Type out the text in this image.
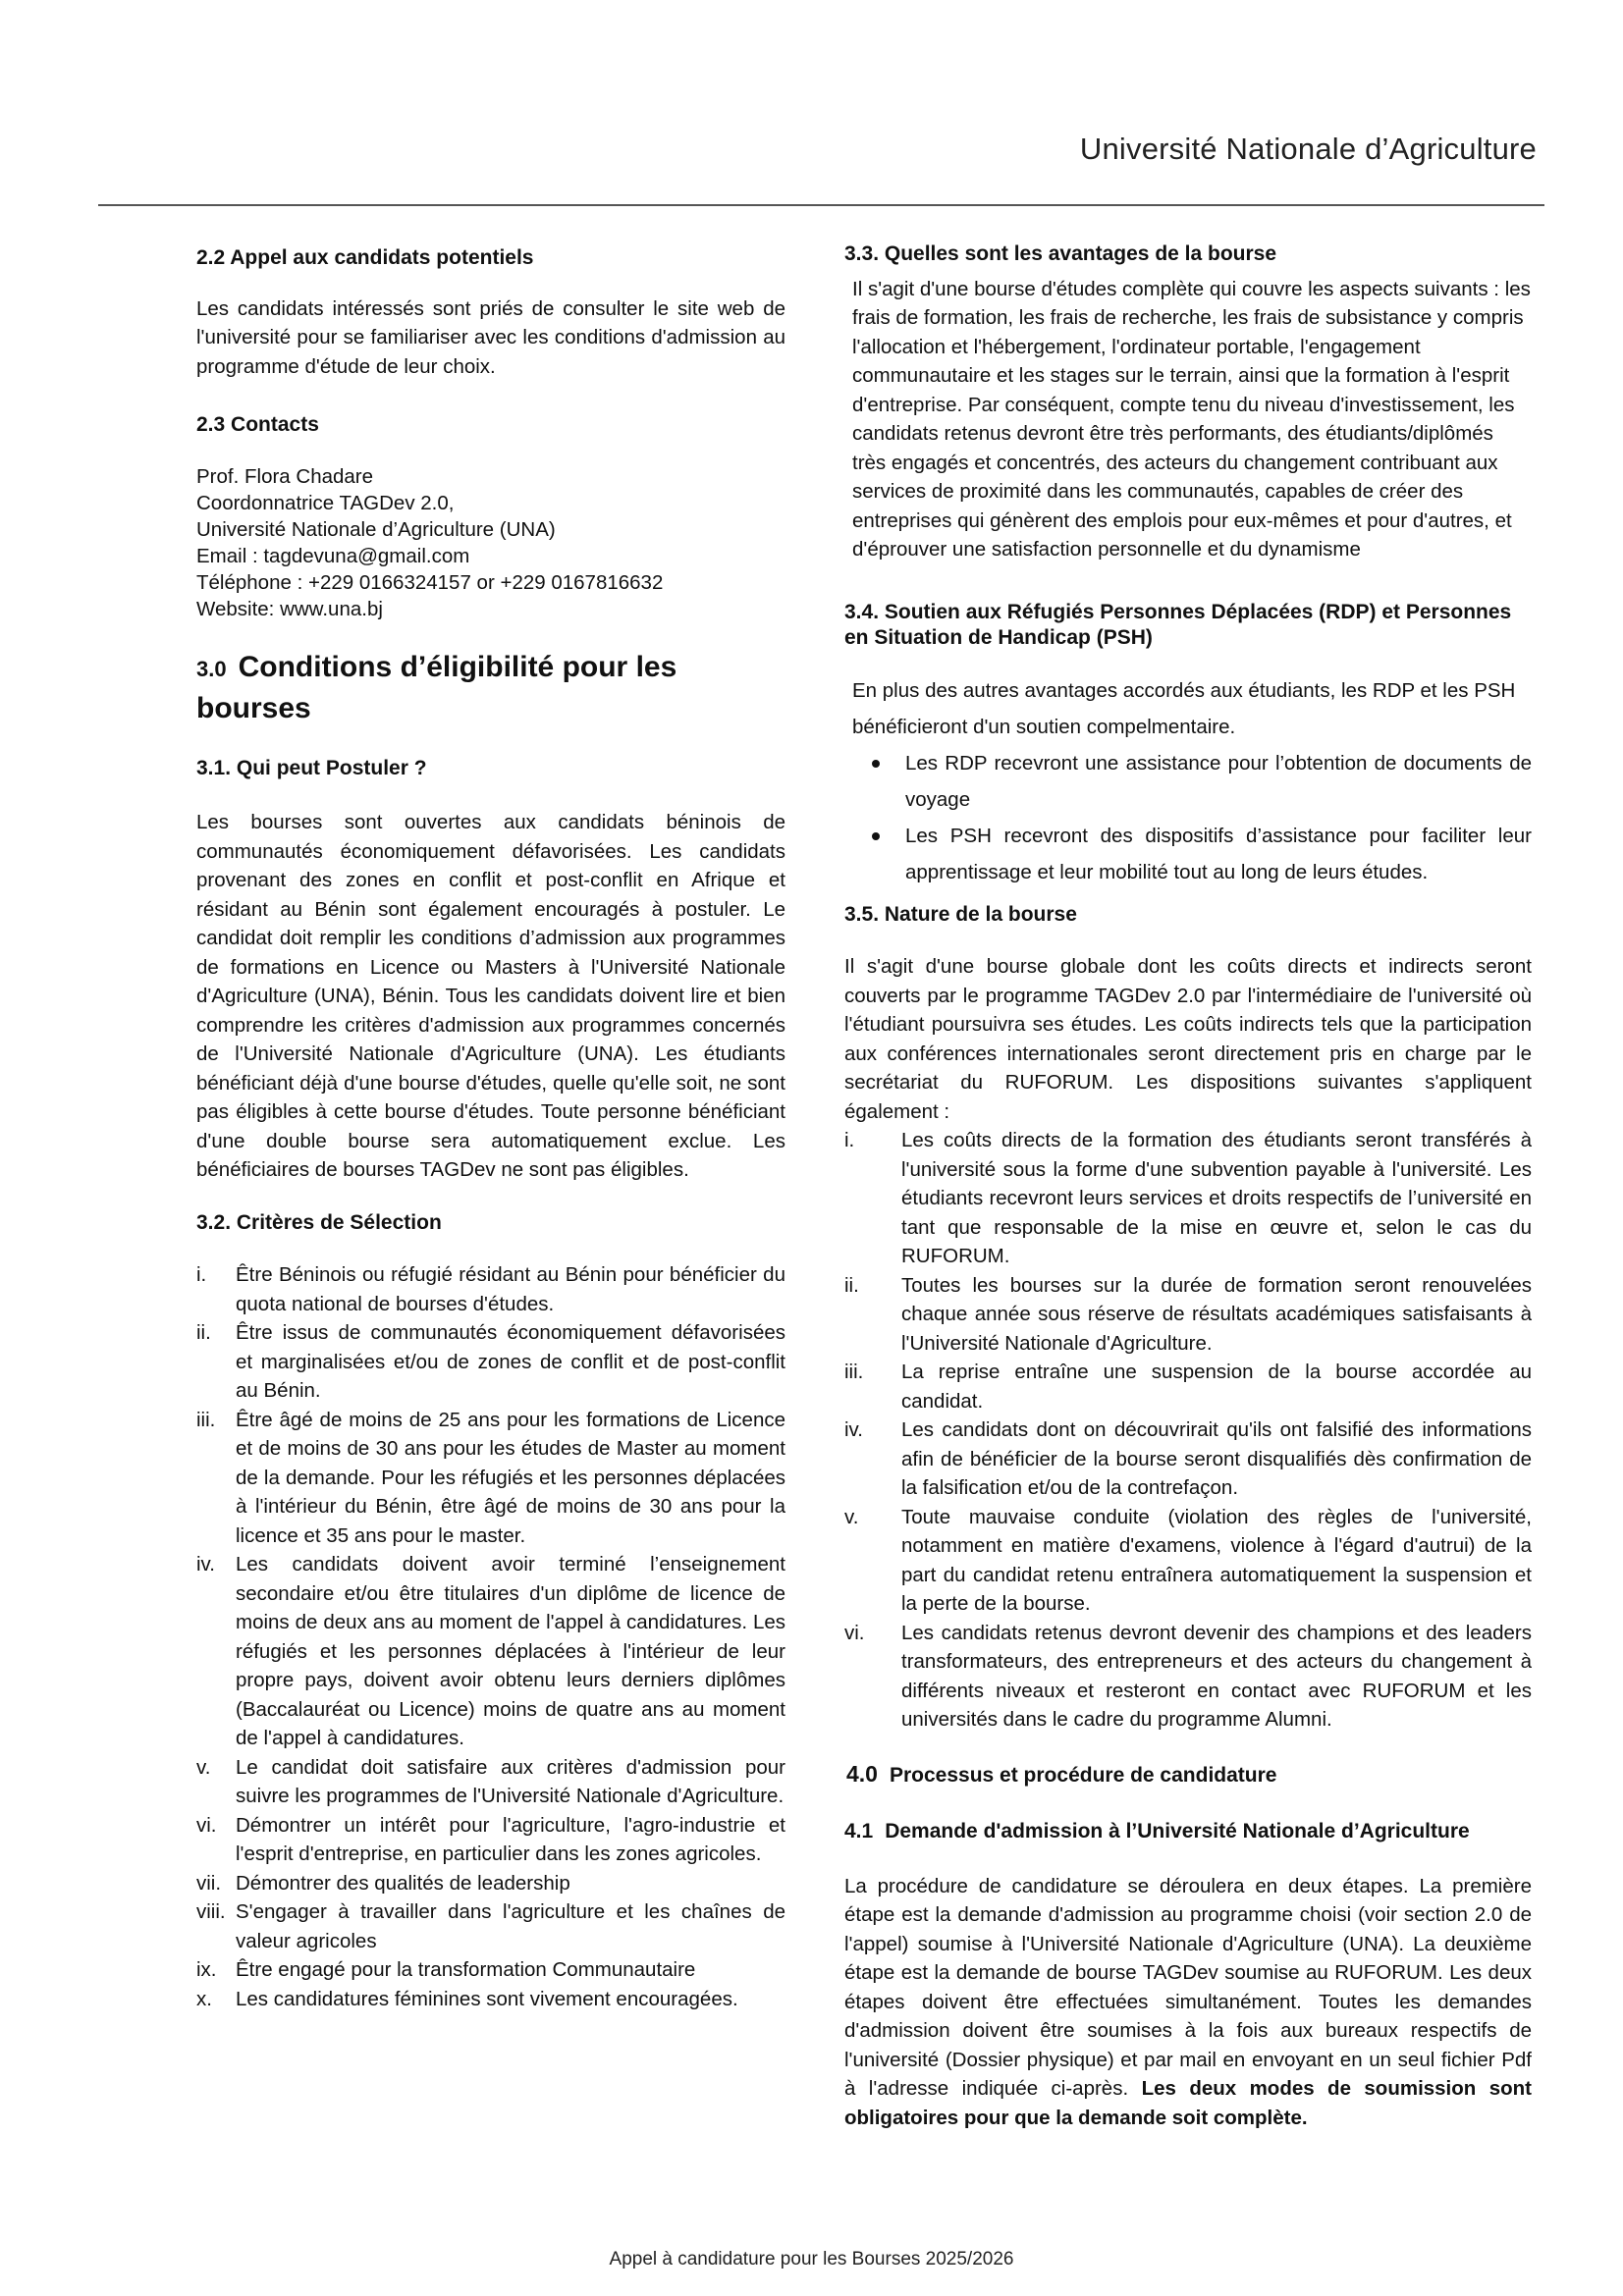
Université Nationale d’Agriculture

2.2 Appel aux candidats potentiels

Les candidats intéressés sont priés de consulter le site web de l'université pour se familiariser avec les conditions d'admission au programme d'étude de leur choix.

2.3 Contacts

Prof. Flora Chadare

Coordonnatrice TAGDev 2.0,

Université Nationale d’Agriculture (UNA)

Email : tagdevuna@gmail.com

Téléphone : +229 0166324157 or +229 0167816632

Website: www.una.bj

3.0 Conditions d’éligibilité pour les bourses

3.1. Qui peut Postuler ?

Les bourses sont ouvertes aux candidats béninois de communautés économiquement défavorisées. Les candidats provenant des zones en conflit et post-conflit en Afrique et résidant au Bénin sont également encouragés à postuler. Le candidat doit remplir les conditions d’admission aux programmes de formations en Licence ou Masters à l'Université Nationale d'Agriculture (UNA), Bénin. Tous les candidats doivent lire et bien comprendre les critères d'admission aux programmes concernés de l'Université Nationale d'Agriculture (UNA). Les étudiants bénéficiant déjà d'une bourse d'études, quelle qu'elle soit, ne sont pas éligibles à cette bourse d'études. Toute personne bénéficiant d'une double bourse sera automatiquement exclue. Les bénéficiaires de bourses TAGDev ne sont pas éligibles.

3.2. Critères de Sélection

i. Être Béninois ou réfugié résidant au Bénin pour bénéficier du quota national de bourses d'études.
ii. Être issus de communautés économiquement défavorisées et marginalisées et/ou de zones de conflit et de post-conflit au Bénin.
iii. Être âgé de moins de 25 ans pour les formations de Licence et de moins de 30 ans pour les études de Master au moment de la demande. Pour les réfugiés et les personnes déplacées à l'intérieur du Bénin, être âgé de moins de 30 ans pour la licence et 35 ans pour le master.
iv. Les candidats doivent avoir terminé l’enseignement secondaire et/ou être titulaires d'un diplôme de licence de moins de deux ans au moment de l'appel à candidatures. Les réfugiés et les personnes déplacées à l'intérieur de leur propre pays, doivent avoir obtenu leurs derniers diplômes (Baccalauréat ou Licence) moins de quatre ans au moment de l'appel à candidatures.
v. Le candidat doit satisfaire aux critères d'admission pour suivre les programmes de l'Université Nationale d'Agriculture.
vi. Démontrer un intérêt pour l'agriculture, l'agro-industrie et l'esprit d'entreprise, en particulier dans les zones agricoles.
vii. Démontrer des qualités de leadership
viii. S'engager à travailler dans l'agriculture et les chaînes de valeur agricoles
ix. Être engagé pour la transformation Communautaire
x. Les candidatures féminines sont vivement encouragées.

3.3. Quelles sont les avantages de la bourse

Il s'agit d'une bourse d'études complète qui couvre les aspects suivants : les frais de formation, les frais de recherche, les frais de subsistance y compris l'allocation et l'hébergement, l'ordinateur portable, l'engagement communautaire et les stages sur le terrain, ainsi que la formation à l'esprit d'entreprise. Par conséquent, compte tenu du niveau d'investissement, les candidats retenus devront être très performants, des étudiants/diplômés très engagés et concentrés, des acteurs du changement contribuant aux services de proximité dans les communautés, capables de créer des entreprises qui génèrent des emplois pour eux-mêmes et pour d'autres, et d'éprouver une satisfaction personnelle et du dynamisme

3.4. Soutien aux Réfugiés Personnes Déplacées (RDP) et Personnes en Situation de Handicap (PSH)

En plus des autres avantages accordés aux étudiants, les RDP et les PSH bénéficieront d'un soutien compelmentaire.

Les RDP recevront une assistance pour l’obtention de documents de voyage
Les PSH recevront des dispositifs d’assistance pour faciliter leur apprentissage et leur mobilité tout au long de leurs études.

3.5. Nature de la bourse

Il s'agit d'une bourse globale dont les coûts directs et indirects seront couverts par le programme TAGDev 2.0 par l'intermédiaire de l'université où l'étudiant poursuivra ses études. Les coûts indirects tels que la participation aux conférences internationales seront directement pris en charge par le secrétariat du RUFORUM. Les dispositions suivantes s'appliquent également :

i. Les coûts directs de la formation des étudiants seront transférés à l'université sous la forme d'une subvention payable à l'université. Les étudiants recevront leurs services et droits respectifs de l’université en tant que responsable de la mise en œuvre et, selon le cas du RUFORUM.
ii. Toutes les bourses sur la durée de formation seront renouvelées chaque année sous réserve de résultats académiques satisfaisants à l'Université Nationale d'Agriculture.
iii. La reprise entraîne une suspension de la bourse accordée au candidat.
iv. Les candidats dont on découvrirait qu'ils ont falsifié des informations afin de bénéficier de la bourse seront disqualifiés dès confirmation de la falsification et/ou de la contrefaçon.
v. Toute mauvaise conduite (violation des règles de l'université, notamment en matière d'examens, violence à l'égard d'autrui) de la part du candidat retenu entraînera automatiquement la suspension et la perte de la bourse.
vi. Les candidats retenus devront devenir des champions et des leaders transformateurs, des entrepreneurs et des acteurs du changement à différents niveaux et resteront en contact avec RUFORUM et les universités dans le cadre du programme Alumni.

4.0 Processus et procédure de candidature

4.1 Demande d'admission à l’Université Nationale d’Agriculture

La procédure de candidature se déroulera en deux étapes. La première étape est la demande d'admission au programme choisi (voir section 2.0 de l'appel) soumise à l'Université Nationale d'Agriculture (UNA). La deuxième étape est la demande de bourse TAGDev soumise au RUFORUM. Les deux étapes doivent être effectuées simultanément. Toutes les demandes d'admission doivent être soumises à la fois aux bureaux respectifs de l'université (Dossier physique) et par mail en envoyant en un seul fichier Pdf à l'adresse indiquée ci-après. Les deux modes de soumission sont obligatoires pour que la demande soit complète.

Appel à candidature pour les Bourses 2025/2026
